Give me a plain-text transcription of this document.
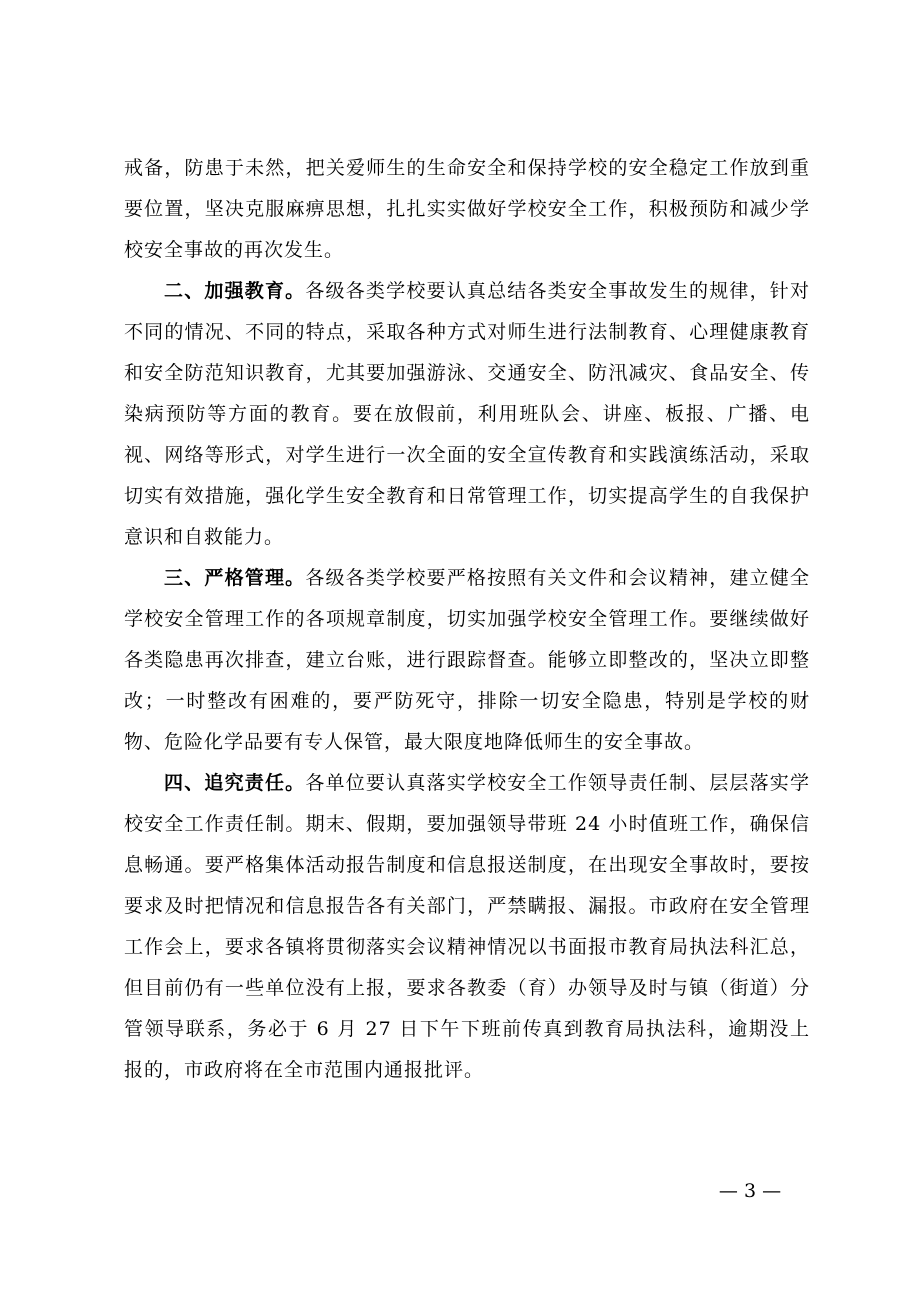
戒备，防患于未然，把关爱师生的生命安全和保持学校的安全稳定工作放到重要位置，坚决克服麻痹思想，扎扎实实做好学校安全工作，积极预防和减少学校安全事故的再次发生。

二、加强教育。各级各类学校要认真总结各类安全事故发生的规律，针对不同的情况、不同的特点，采取各种方式对师生进行法制教育、心理健康教育和安全防范知识教育，尤其要加强游泳、交通安全、防汛减灾、食品安全、传染病预防等方面的教育。要在放假前，利用班队会、讲座、板报、广播、电视、网络等形式，对学生进行一次全面的安全宣传教育和实践演练活动，采取切实有效措施，强化学生安全教育和日常管理工作，切实提高学生的自我保护意识和自救能力。

三、严格管理。各级各类学校要严格按照有关文件和会议精神，建立健全学校安全管理工作的各项规章制度，切实加强学校安全管理工作。要继续做好各类隐患再次排查，建立台账，进行跟踪督查。能够立即整改的，坚决立即整改；一时整改有困难的，要严防死守，排除一切安全隐患，特别是学校的财物、危险化学品要有专人保管，最大限度地降低师生的安全事故。

四、追究责任。各单位要认真落实学校安全工作领导责任制、层层落实学校安全工作责任制。期末、假期，要加强领导带班 24 小时值班工作，确保信息畅通。要严格集体活动报告制度和信息报送制度，在出现安全事故时，要按要求及时把情况和信息报告各有关部门，严禁瞒报、漏报。市政府在安全管理工作会上，要求各镇将贯彻落实会议精神情况以书面报市教育局执法科汇总，但目前仍有一些单位没有上报，要求各教委（育）办领导及时与镇（街道）分管领导联系，务必于 6 月 27 日下午下班前传真到教育局执法科，逾期没上报的，市政府将在全市范围内通报批评。

— 3 —
